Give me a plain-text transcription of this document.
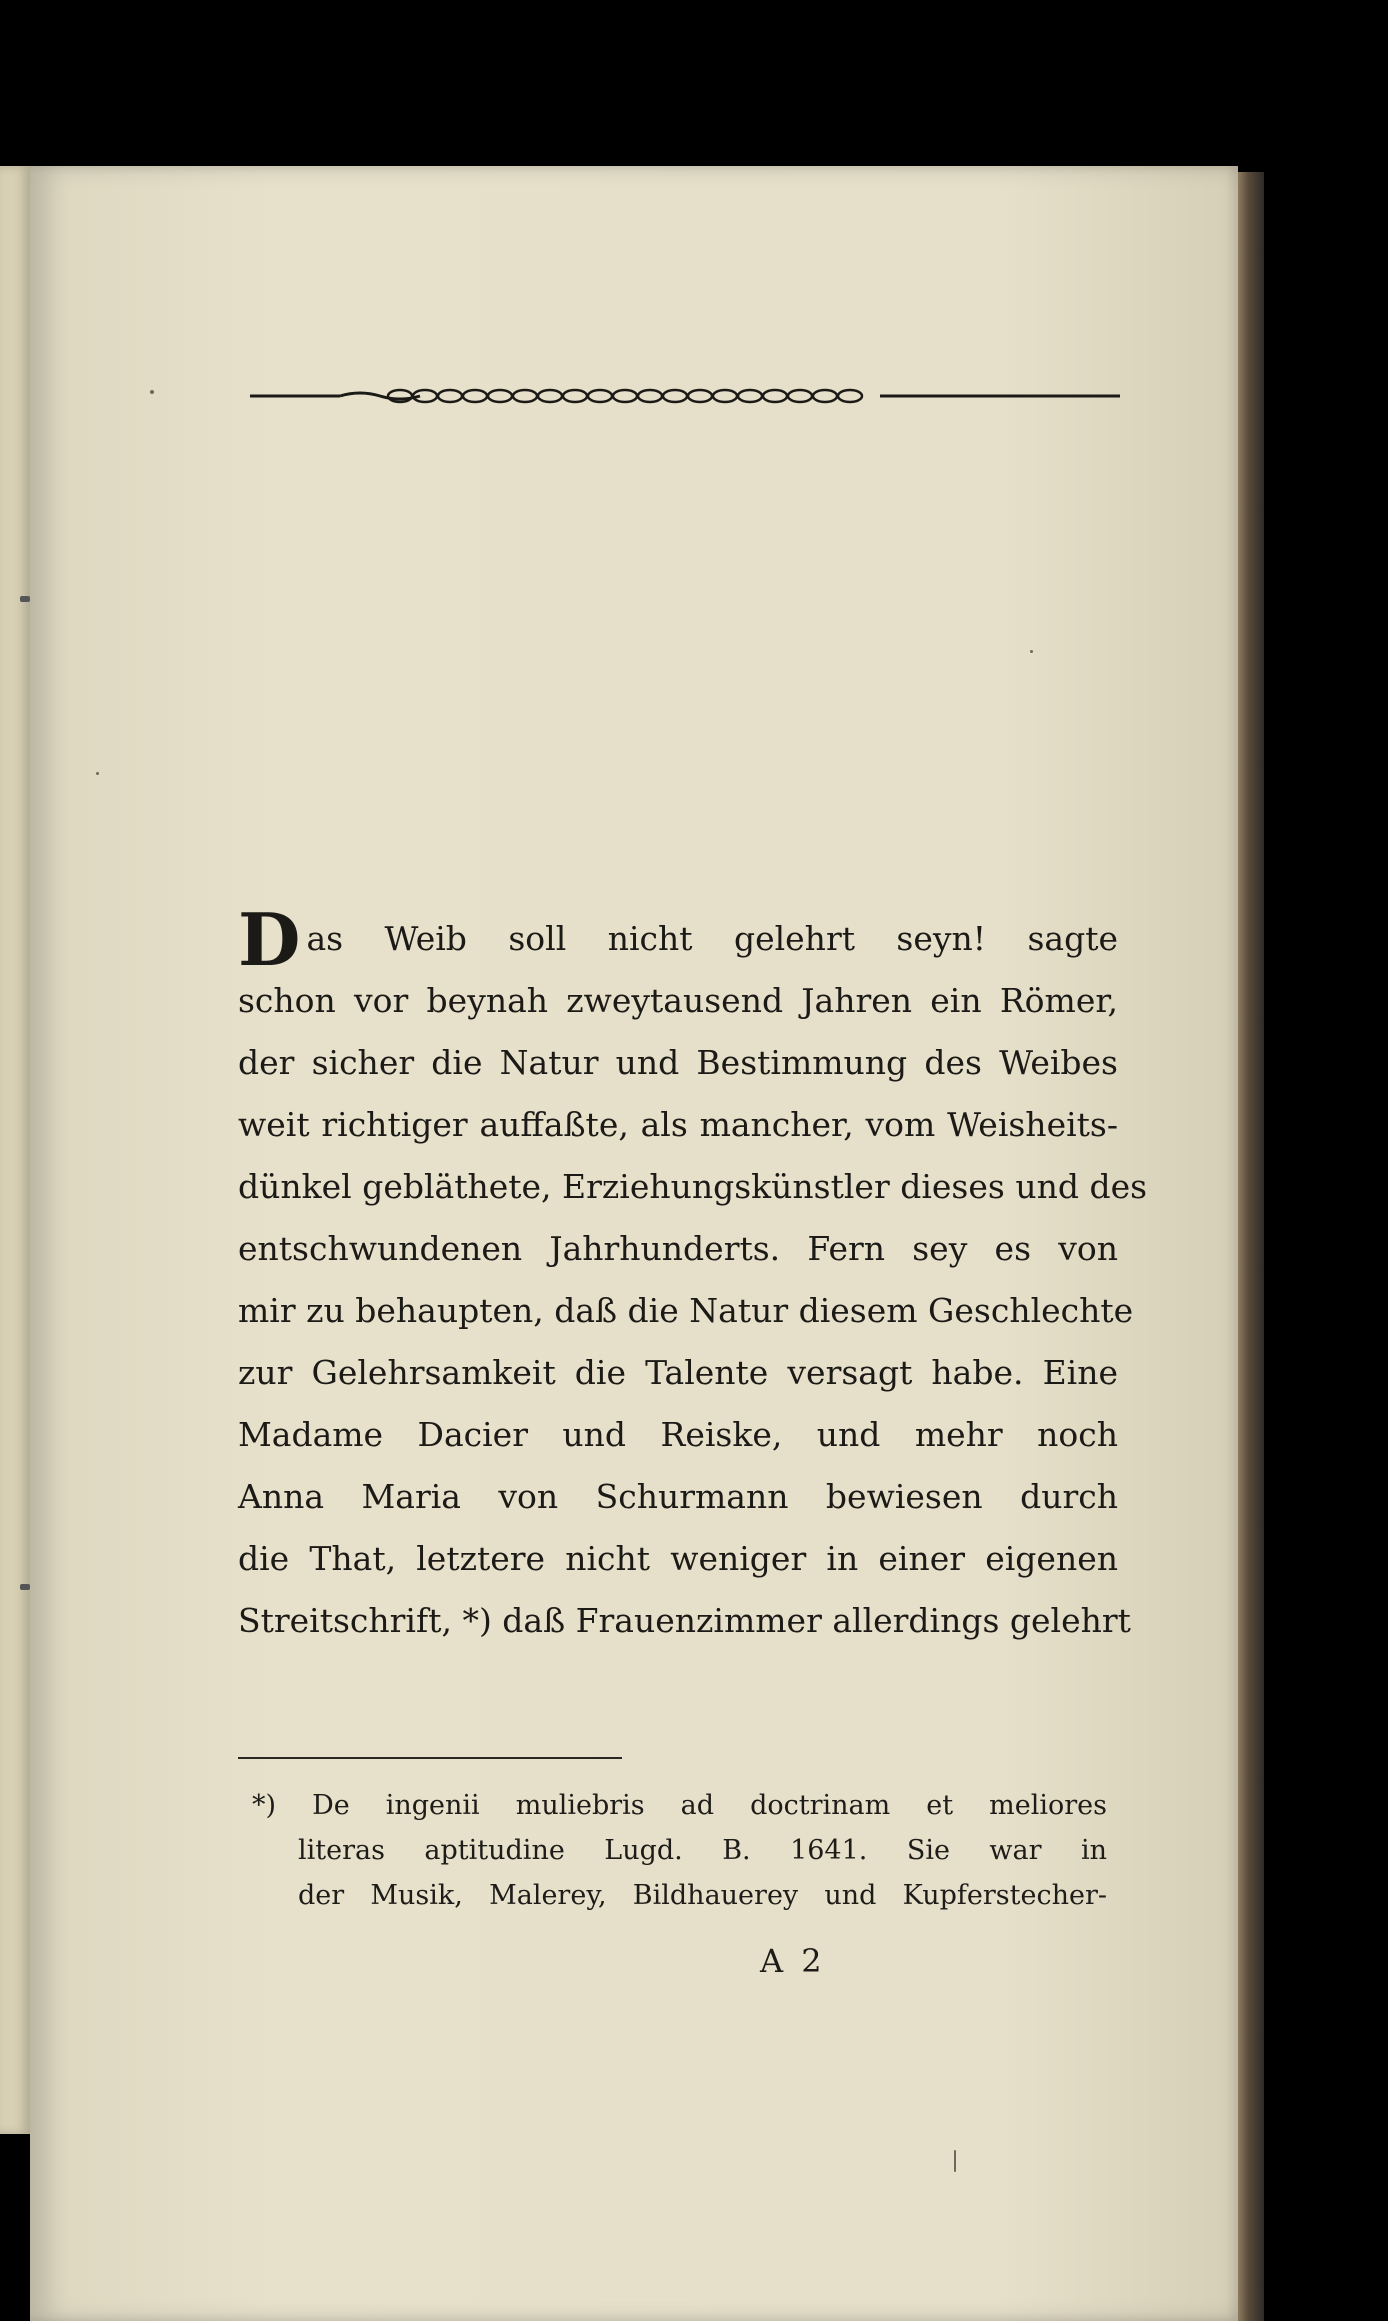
D as Weib soll nicht gelehrt seyn! sagte
schon vor beynah zweytausend Jahren ein Römer,
der sicher die Natur und Bestimmung des Weibes
weit richtiger auffaßte, als mancher, vom Weisheits-
dünkel gebläthete, Erziehungskünstler dieses und des
entschwundenen Jahrhunderts. Fern sey es von
mir zu behaupten, daß die Natur diesem Geschlechte
zur Gelehrsamkeit die Talente versagt habe. Eine
Madame Dacier und Reiske, und mehr noch
Anna Maria von Schurmann bewiesen durch
die That, letztere nicht weniger in einer eigenen
Streitschrift, *) daß Frauenzimmer allerdings gelehrt
*) De ingenii muliebris ad doctrinam et meliores
literas aptitudine Lugd. B. 1641. Sie war in
der Musik, Malerey, Bildhauerey und Kupferstecher-
A 2
